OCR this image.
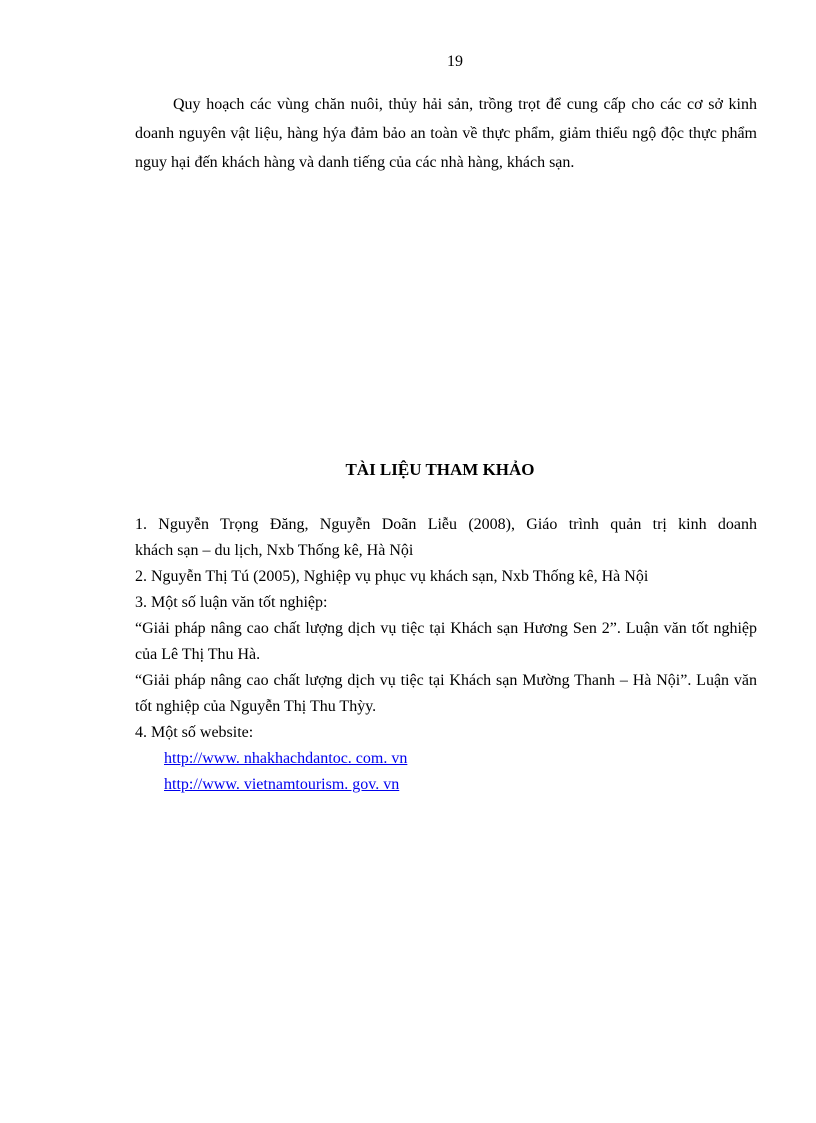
19

Quy hoạch các vùng chăn nuôi, thủy hải sản, trồng trọt để cung cấp cho các cơ sở kinh doanh nguyên vật liệu, hàng hýa đảm bảo an toàn về thực phẩm, giảm thiểu ngộ độc thực phẩm nguy hại đến khách hàng và danh tiếng của các nhà hàng, khách sạn.

TÀI LIỆU THAM KHẢO
1. Nguyễn Trọng Đăng, Nguyễn Doãn Liễu (2008), Giáo trình quản trị kinh doanh
khách sạn – du lịch, Nxb Thống kê, Hà Nội
2. Nguyễn Thị Tú (2005), Nghiệp vụ phục vụ khách sạn, Nxb Thống kê, Hà Nội
3. Một số luận văn tốt nghiệp:
“Giải pháp nâng cao chất lượng dịch vụ tiệc tại Khách sạn Hương Sen 2”. Luận văn tốt nghiệp của Lê Thị Thu Hà.
“Giải pháp nâng cao chất lượng dịch vụ tiệc tại Khách sạn Mường Thanh – Hà Nội”. Luận văn tốt nghiệp của Nguyễn Thị Thu Thỳy.
4. Một số website:
http://www. nhakhachdantoc. com. vn
http://www. vietnamtourism. gov. vn
